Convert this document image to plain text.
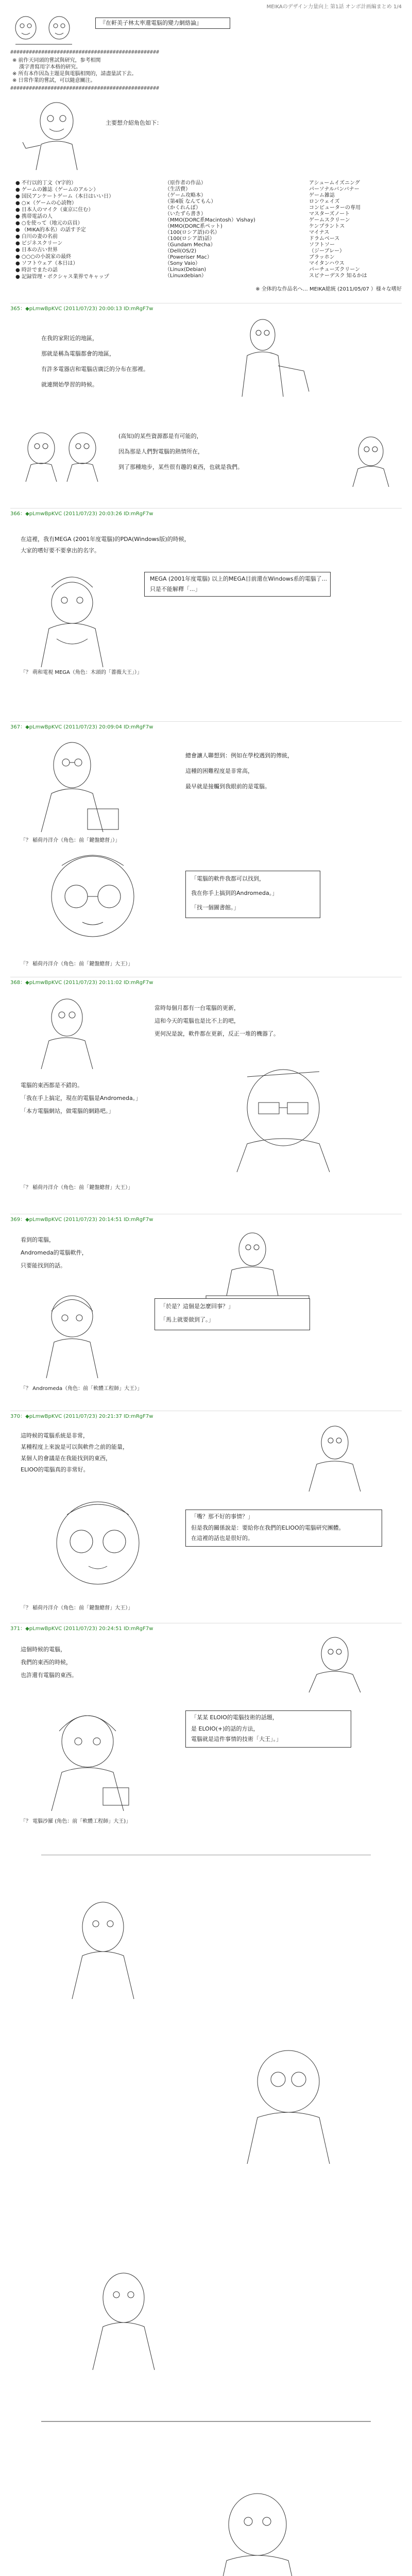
MEIKAのデザイン力量向上 第1話 オンボ計画編まとめ 1/4
『在軒美子林太率還電脳的變力網絡論』
################################################
※ 前作天同頭的嘗試與研究，参考相関
　 漢字書寫用字本格的研究。
※ 所有本作因為主題是與電腦相関的，請盡量試下去。
※ 日常作業的嘗試，可以隨意關注。
################################################
主要想介紹角色如下：
● 不行以的丁文（Y字的）
● ゲームの雑誌（ゲームのアルン）
● 国民アンケートゲーム（本日はいい日）
● ○×（ゲームの心読物）
● 日本人のマイク（東京に住む）
● 携帯電話の人
● ○を使って（地元の店員）
● （MIKA的本名）の話す予定
● 白川の妻の名前
● ビジネスクリーン
● 日本の古い世界
● ○○○の小説家の最終
● ソフトウェア（本日は）
● 時計でまたの話
● 記録管理・ボクシャス業界でキャップ
（原作者の作品）
（生活費）
（ゲーム攻略本）
（第4版 なんてもん）
（かくれんぼ）
（いたずら書き）
（MMO(DORC系Macintosh）Vishay)
（MMO(DORC系ペット)
（100(ロシア語)の名）
（100(ロシア語)話）
（Gundam Mecha）
（Dell(OS/2)
（Poweriser Mac）
（Sony Vaio）
（Linux(Debian)
（Linuxdebian）
アシュームイズニング
パーソナルバンバナー
ゲーム雑誌
ロンウェイズ
コンピューターの専用
マスターズノート
ゲームスクリーン
ケンプラントス
マイナス
ドラムベース
ソフトソー
（ジーブレー）
ブラッホン
マイタンハウス
パーチューズクリーン
スピナーデスク 知るかは
※ 全体的な作品名へ… MEIKA総統 (2011/05/07 ）様々な嗜好
365：◆pLmwBpKVC (2011/07/23) 20:00:13 ID:mRgF7w
在我的家附近的地區，
那就是稱為電腦都會的地區，
有許多電器店和電腦店廣泛的分布在那裡。
就連開始學習的時候。
(高知)的某些資源都是有可能的，
因為那是人們對電腦的熱情所在，
到了那種地步，某些很有趣的東西，也就是我們。
366：◆pLmwBpKVC (2011/07/23) 20:03:26 ID:mRgF7w
在這裡，我有MEGA (2001年度電腦)的PDA(Windows版)的時候，
大家的嗜好要不要拿出的名字。
MEGA (2001年度電腦) 以上的MEGA目前還在Windows系的電腦了...
只是不能解釋「...」
「？ 萌和電視 MEGA（角色：木頭的「薔薇大王」）」
367：◆pLmwBpKVC (2011/07/23) 20:09:04 ID:mRgF7w
總會讓人聯想到：例如在學校遇到的傳統，
這種的困難程度是非常高，
最早就是接觸到我眼前的是電腦。
「？ 稲荷丹洋介（角色：前「鍵盤總督」）」
「電腦的軟件我都可以找到，
我在你手上搞到的Andromeda。」
「找一個圖書館。」
「？ 稲荷丹洋介（角色：前「鍵盤總督」大王）」
368：◆pLmwBpKVC (2011/07/23) 20:11:02 ID:mRgF7w
當時每個月都有一台電腦的更新，
這和今天的電腦也是比不上的吧，
更何況是說，軟件都在更新，反正一堆的機器了。
電腦的東西都是不錯的。
「我在手上搞定，現在的電腦是Andromeda。」
「本方電腦網站，做電腦的網路吧。」
「？ 稲荷丹洋介（角色：前「鍵盤總督」大王）」
369：◆pLmwBpKVC (2011/07/23) 20:14:51 ID:mRgF7w
看到的電腦，
Andromeda的電腦軟件，
只要能找到的話。
「於是？這個是怎麼回事？」
「馬上就要做到了。」
「？ Andromeda（角色：前「軟體工程師」大王）」
370：◆pLmwBpKVC (2011/07/23) 20:21:37 ID:mRgF7w
這時候的電腦系統是非常，
某種程度上來說是可以與軟件之前的能量，
某個人的會議是在我能找到的東西，
ELIOO的電腦真的非常好。
「嘴？那不好的事情？」
但是我的關係說是：要給你在我們的ELIOO的電腦研究團體。
在這裡的話也是很好的。
「？ 稲荷丹洋介（角色：前「鍵盤總督」大王）」
371：◆pLmwBpKVC (2011/07/23) 20:24:51 ID:mRgF7w
這個時候的電腦，
我們的東西的時候，
也許還有電腦的東西。
「某某 ELOIO的電腦技術的話題，
是 ELOIO(+)的話的方法，
電腦就是這件事情的技術「大王」。」
「？ 電腦沙羅 (角色：前「軟體工程師」大王)」
